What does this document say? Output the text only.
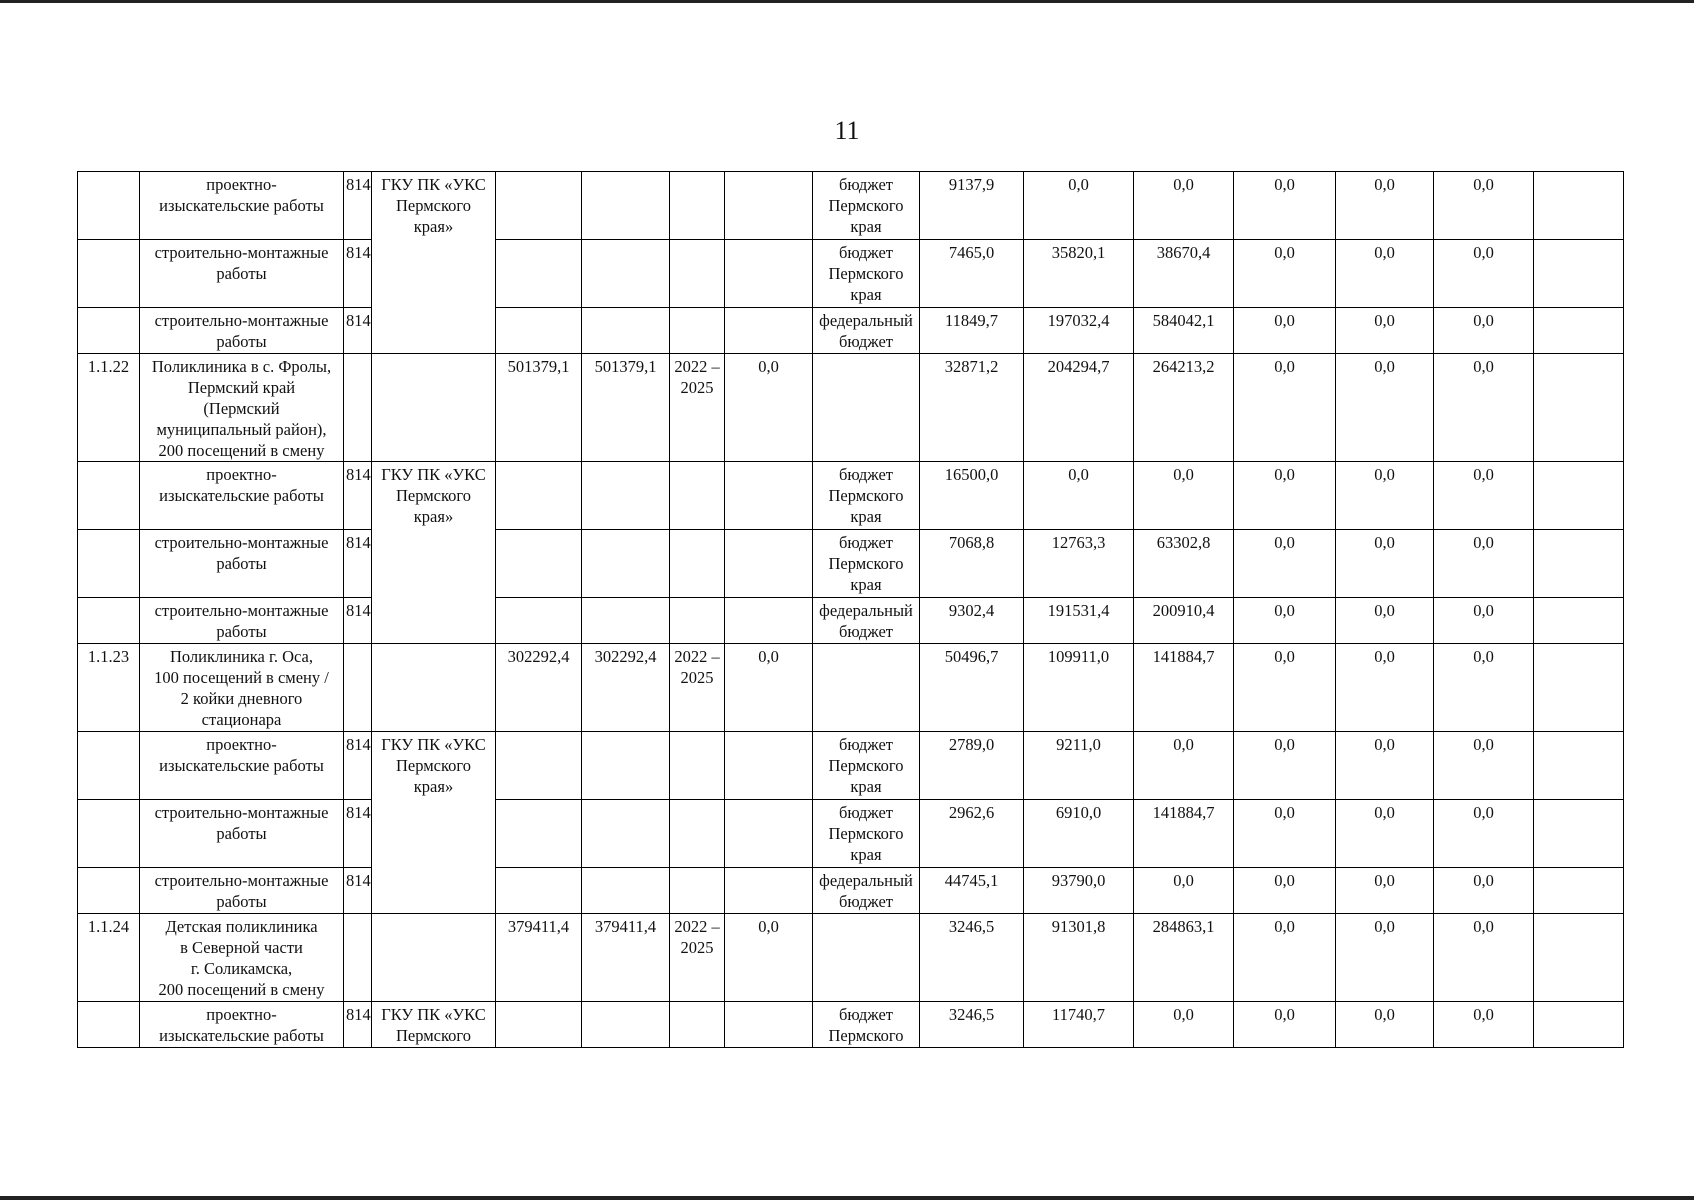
11
	проектно-
изыскательские работы	814	ГКУ ПК «УКС
Пермского
края»					бюджет
Пермского
края	9137,9	0,0	0,0	0,0	0,0	0,0	
	строительно-монтажные
работы	814						бюджет
Пермского
края	7465,0	35820,1	38670,4	0,0	0,0	0,0	
	строительно-монтажные
работы	814						федеральный
бюджет	11849,7	197032,4	584042,1	0,0	0,0	0,0	
1.1.22	Поликлиника в с. Фролы,
Пермский край
(Пермский
муниципальный район),
200 посещений в смену			501379,1	501379,1	2022 –
2025	0,0		32871,2	204294,7	264213,2	0,0	0,0	0,0	
	проектно-
изыскательские работы	814	ГКУ ПК «УКС
Пермского
края»					бюджет
Пермского
края	16500,0	0,0	0,0	0,0	0,0	0,0	
	строительно-монтажные
работы	814						бюджет
Пермского
края	7068,8	12763,3	63302,8	0,0	0,0	0,0	
	строительно-монтажные
работы	814						федеральный
бюджет	9302,4	191531,4	200910,4	0,0	0,0	0,0	
1.1.23	Поликлиника г. Оса,
100 посещений в смену /
2 койки дневного
стационара			302292,4	302292,4	2022 –
2025	0,0		50496,7	109911,0	141884,7	0,0	0,0	0,0	
	проектно-
изыскательские работы	814	ГКУ ПК «УКС
Пермского
края»					бюджет
Пермского
края	2789,0	9211,0	0,0	0,0	0,0	0,0	
	строительно-монтажные
работы	814						бюджет
Пермского
края	2962,6	6910,0	141884,7	0,0	0,0	0,0	
	строительно-монтажные
работы	814						федеральный
бюджет	44745,1	93790,0	0,0	0,0	0,0	0,0	
1.1.24	Детская поликлиника
в Северной части
г. Соликамска,
200 посещений в смену			379411,4	379411,4	2022 –
2025	0,0		3246,5	91301,8	284863,1	0,0	0,0	0,0	
	проектно-
изыскательские работы	814	ГКУ ПК «УКС
Пермского					бюджет
Пермского	3246,5	11740,7	0,0	0,0	0,0	0,0	
